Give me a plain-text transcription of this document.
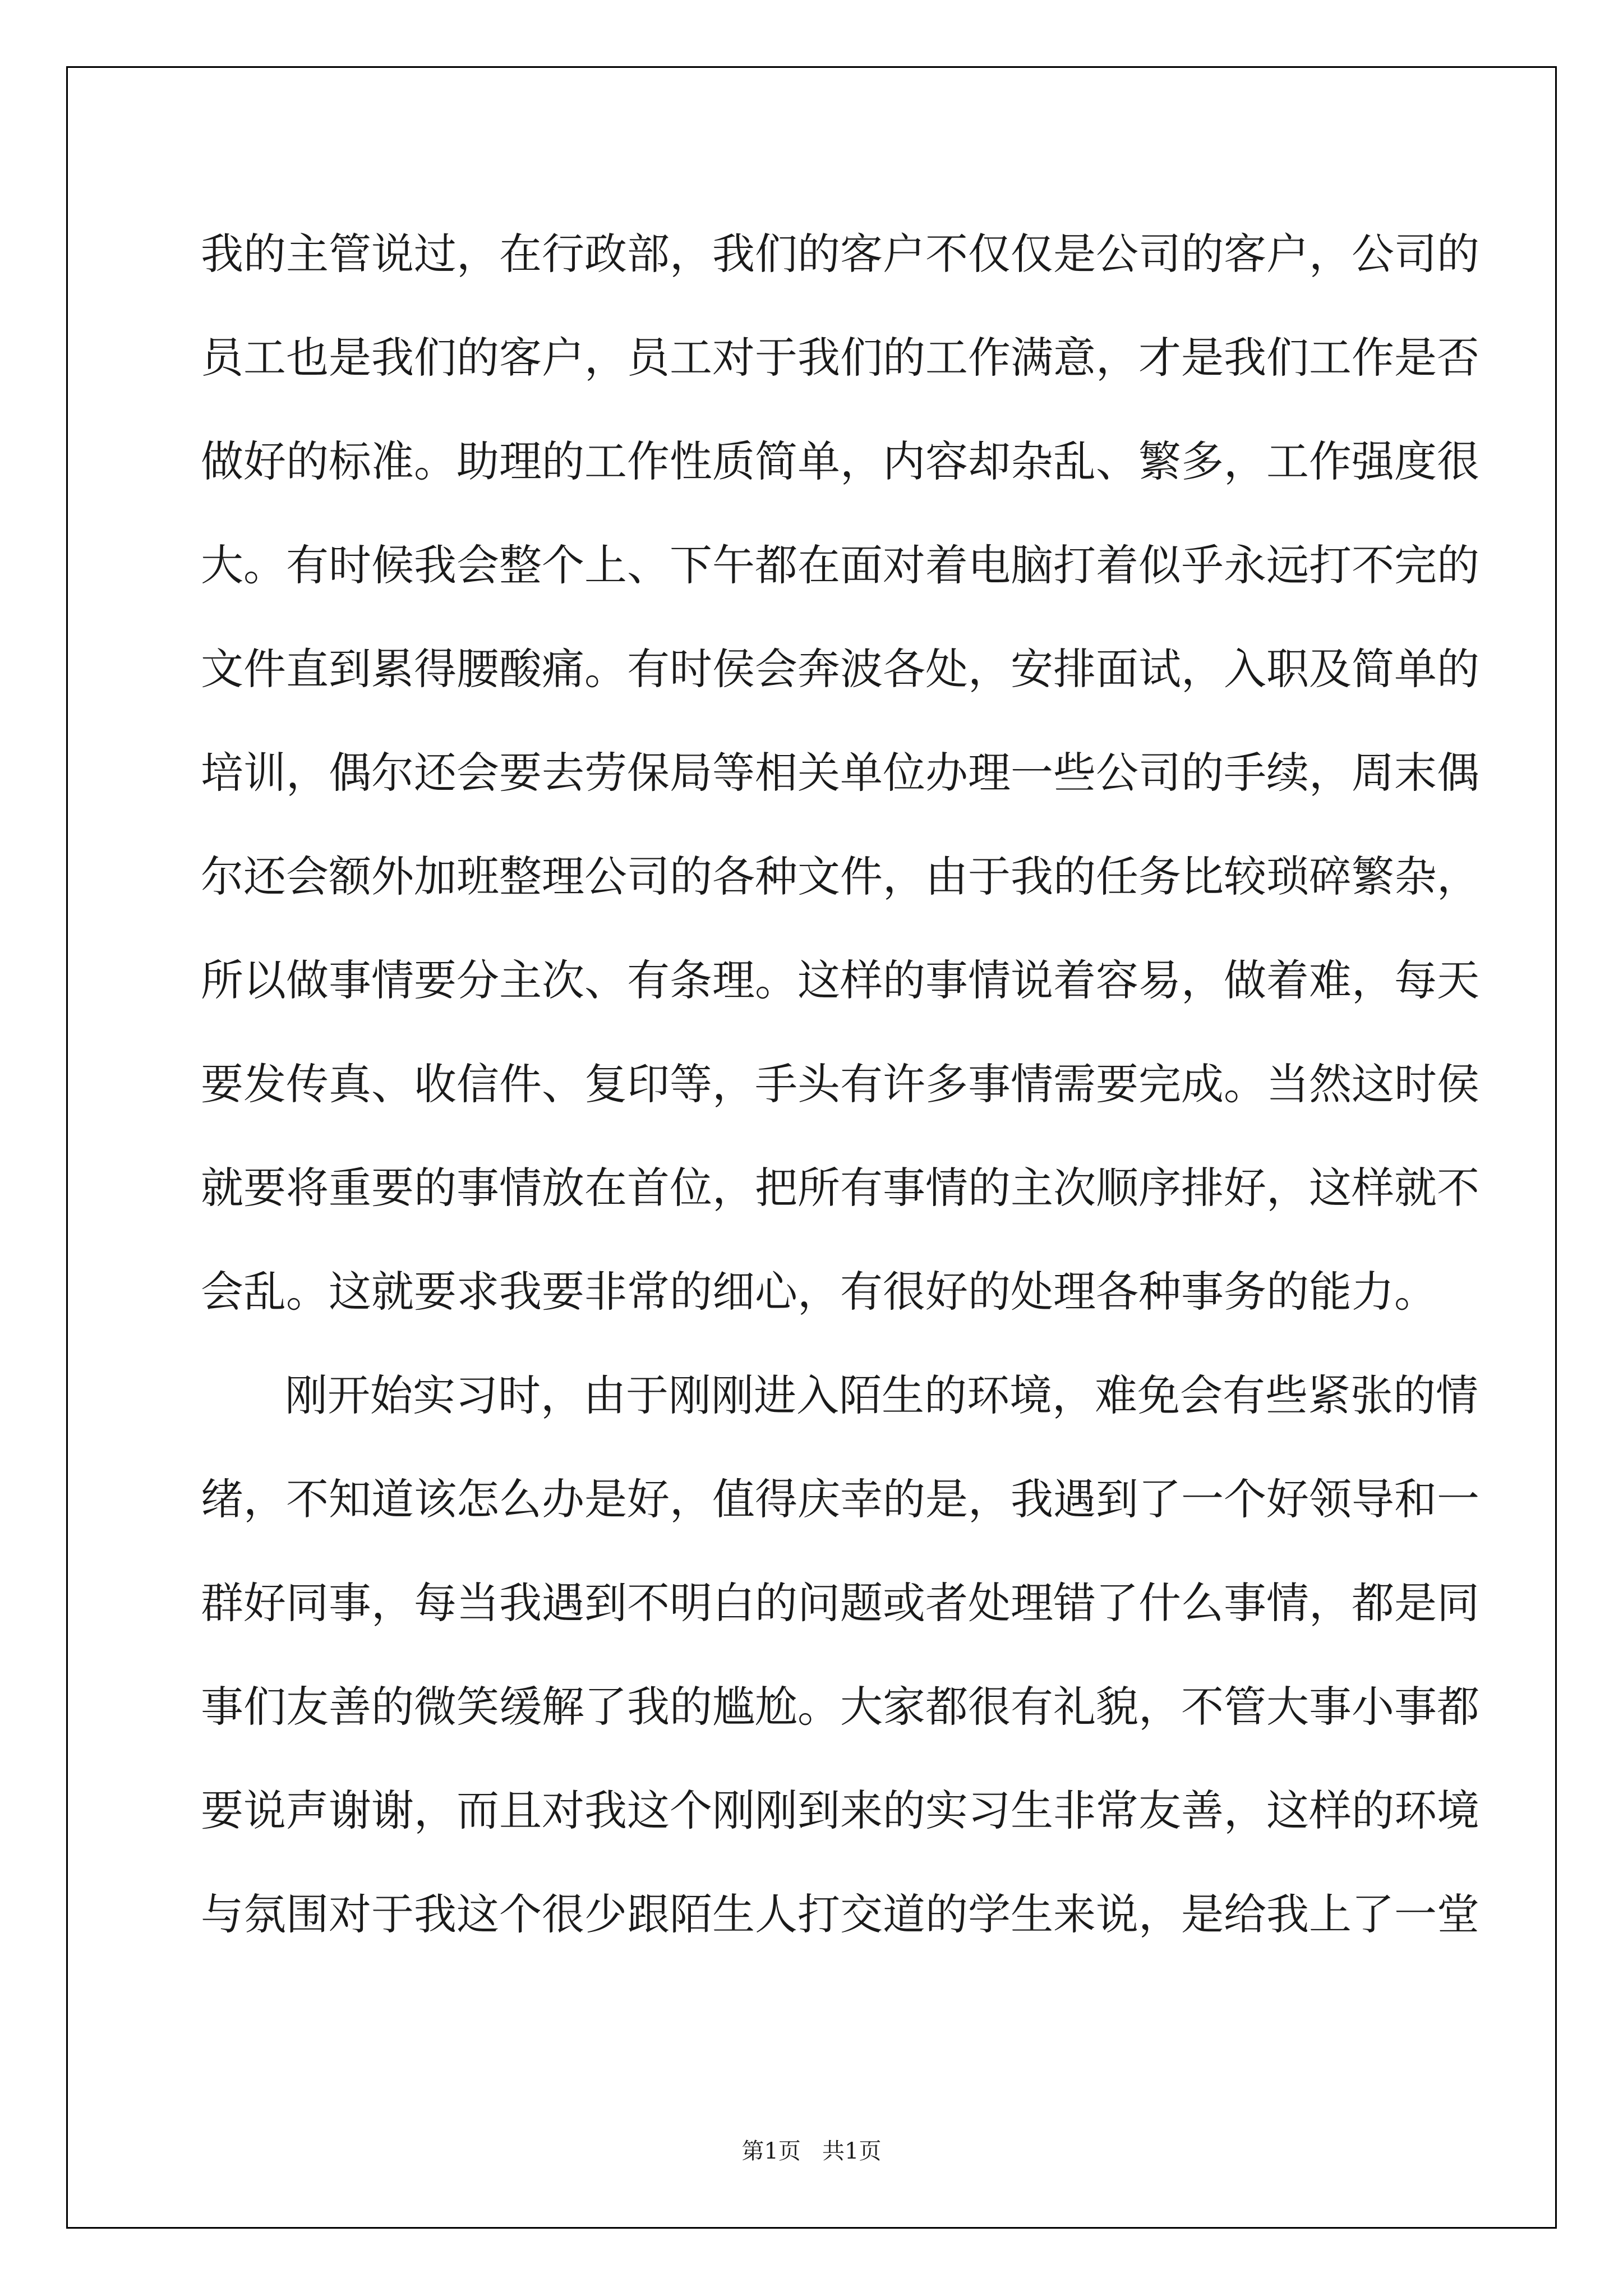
我的主管说过，在行政部，我们的客户不仅仅是公司的客户，公司的
员工也是我们的客户，员工对于我们的工作满意，才是我们工作是否
做好的标准。助理的工作性质简单，内容却杂乱、繁多，工作强度很
大。有时候我会整个上、下午都在面对着电脑打着似乎永远打不完的
文件直到累得腰酸痛。有时侯会奔波各处，安排面试，入职及简单的
培训，偶尔还会要去劳保局等相关单位办理一些公司的手续，周末偶
尔还会额外加班整理公司的各种文件，由于我的任务比较琐碎繁杂，
所以做事情要分主次、有条理。这样的事情说着容易，做着难，每天
要发传真、收信件、复印等，手头有许多事情需要完成。当然这时侯
就要将重要的事情放在首位，把所有事情的主次顺序排好，这样就不
会乱。这就要求我要非常的细心，有很好的处理各种事务的能力。
刚开始实习时，由于刚刚进入陌生的环境，难免会有些紧张的情
绪，不知道该怎么办是好，值得庆幸的是，我遇到了一个好领导和一
群好同事，每当我遇到不明白的问题或者处理错了什么事情，都是同
事们友善的微笑缓解了我的尴尬。大家都很有礼貌，不管大事小事都
要说声谢谢，而且对我这个刚刚到来的实习生非常友善，这样的环境
与氛围对于我这个很少跟陌生人打交道的学生来说，是给我上了一堂
第1页   共1页
